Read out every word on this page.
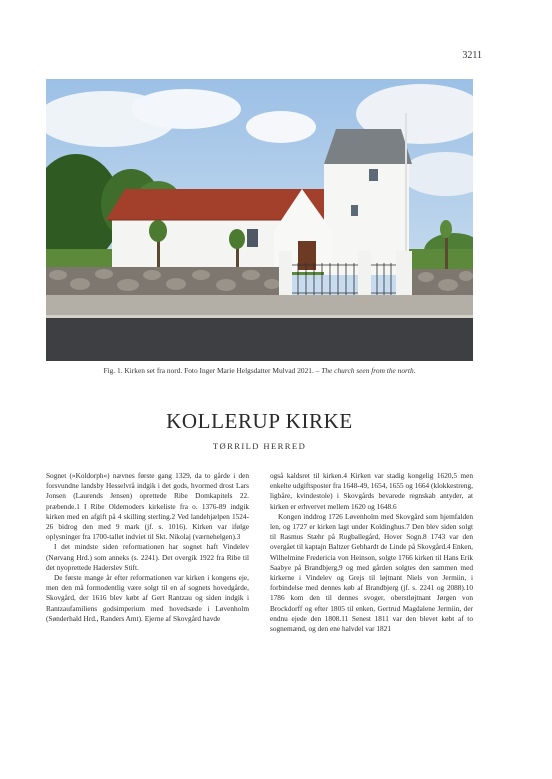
3211
Fig. 1. Kirken set fra nord. Foto Inger Marie Helgsdatter Mulvad 2021. – The church seen from the north.
KOLLERUP KIRKE
TØRRILD HERRED

Sognet (»Koldorph«) nævnes første gang 1329, da to gårde i den forsvundne landsby Hesselvrå indgik i det gods, hvormed drost Lars Jonsen (Laurends Jensen) oprettede Ribe Domkapitels 22. præbende.1 I Ribe Oldemoders kirkeliste fra o. 1376-89 indgik kirken med en afgift på 4 skilling sterling.2 Ved landehjælpen 1524-26 bidrog den med 9 mark (jf. s. 1016). Kirken var ifølge oplysninger fra 1700-tallet indviet til Skt. Nikolaj (værnehelgen).3

I det mindste siden reformationen har sognet haft Vindelev (Nørvang Hrd.) som anneks (s. 2241). Det overgik 1922 fra Ribe til det nyoprettede Haderslev Stift.

De første mange år efter reformationen var kirken i kongens eje, men den må formodentlig være solgt til en af sognets hovedgårde, Skovgård, der 1616 blev købt af Gert Rantzau og siden indgik i Rantzaufamiliens godsimperium med hovedsæde i Løvenholm (Sønderhald Hrd., Randers Amt). Ejerne af Skovgård havde

også kaldsret til kirken.4 Kirken var stadig kongelig 1620,5 men enkelte udgiftsposter fra 1648-49, 1654, 1655 og 1664 (klokkestreng, ligbåre, kvindestole) i Skovgårds bevarede regnskab antyder, at kirken er erhvervet mellem 1620 og 1648.6

Kongen inddrog 1726 Løvenholm med Skovgård som hjemfalden len, og 1727 er kirken lagt under Koldinghus.7 Den blev siden solgt til Rasmus Stæhr på Rugballegård, Hover Sogn.8 1743 var den overgået til kaptajn Baltzer Gebhardt de Linde på Skovgård.4 Enken, Wilhelmine Fredericia von Heinson, solgte 1766 kirken til Hans Erik Saabye på Brandbjerg,9 og med gården solgtes den sammen med kirkerne i Vindelev og Grejs til løjtnant Niels von Jermiin, i forbindelse med dennes køb af Brandbjerg (jf. s. 2241 og 2088).10 1786 kom den til dennes svoger, oberstløjtnant Jørgen von Brockdorff og efter 1805 til enken, Gertrud Magdalene Jermiin, der endnu ejede den 1808.11 Senest 1811 var den blevet købt af to sognemænd, og den ene halvdel var 1821
